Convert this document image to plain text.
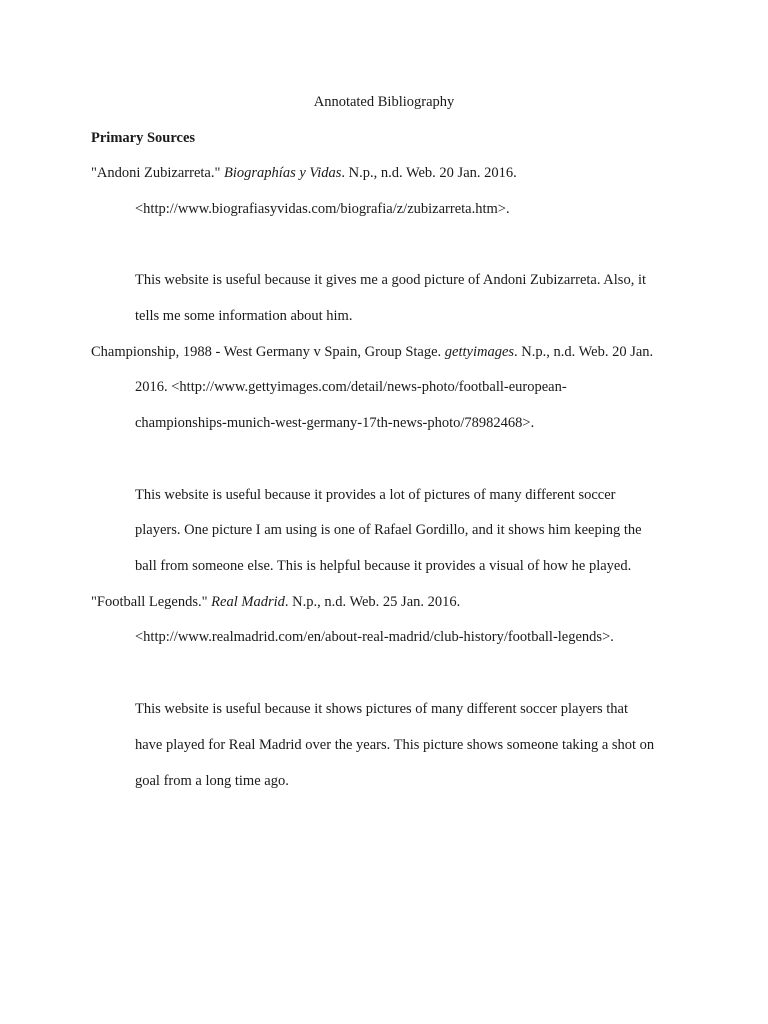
Annotated Bibliography
Primary Sources
"Andoni Zubizarreta." Biographías y Vidas. N.p., n.d. Web. 20 Jan. 2016.
<http://www.biografiasyvidas.com/biografia/z/zubizarreta.htm>.
This website is useful because it gives me a good picture of Andoni Zubizarreta. Also, it
tells me some information about him.
Championship, 1988 - West Germany v Spain, Group Stage. gettyimages. N.p., n.d. Web. 20 Jan.
2016. <http://www.gettyimages.com/detail/news-photo/football-european-
championships-munich-west-germany-17th-news-photo/78982468>.
This website is useful because it provides a lot of pictures of many different soccer
players. One picture I am using is one of Rafael Gordillo, and it shows him keeping the
ball from someone else. This is helpful because it provides a visual of how he played.
"Football Legends." Real Madrid. N.p., n.d. Web. 25 Jan. 2016.
<http://www.realmadrid.com/en/about-real-madrid/club-history/football-legends>.
This website is useful because it shows pictures of many different soccer players that
have played for Real Madrid over the years. This picture shows someone taking a shot on
goal from a long time ago.
